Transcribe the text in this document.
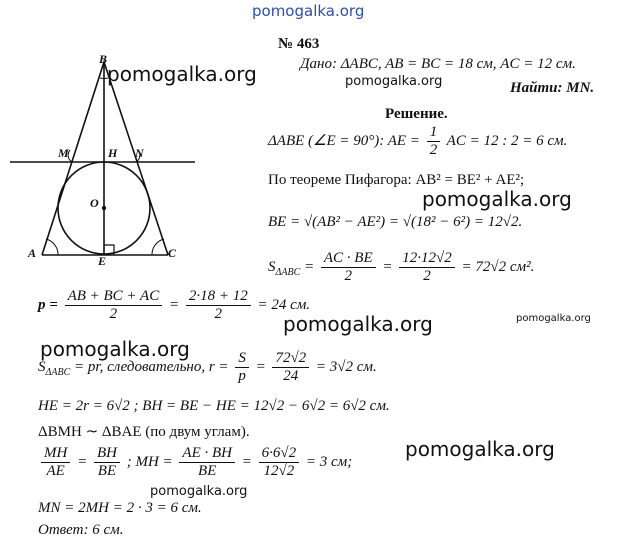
pomogalka.org
B
M	H N
O
A
E
C
pomogalka.org
№ 463
Дано: ΔABC, AB = BC = 18 см, AC = 12 см.
pomogalka.org	Найти: MN.
Решение.
ΔABE (∠E = 90°): AE = $\frac{1}{2}$ AC = 12 : 2 = 6 см.
По теореме Пифагора: AB² = BE² + AE²;
pomogalka.org
BE = √(AB² − AE²) = √(18² − 6²) = 12√2.
$S_{\Delta ABC} = \frac{AC \cdot BE}{2} = \frac{12\cdot 12√2}{2} = 72√2$ см².
$p = \frac{AB + BC + AC}{2} = \frac{2\cdot 18 + 12}{2} = 24$ см.
pomogalka.org	pomogalka.org
pomogalka.org
$S_{\Delta ABC}$ = pr, следовательно, $r = \frac{S}{p} = \frac{72√2}{24} = 3√2$ см.
HE = 2r = 6√2 ; BH = BE − HE = 12√2 − 6√2 = 6√2 см.
ΔBMH ∼ ΔBAE (по двум углам).
pomogalka.org
$\frac{MH}{AE} = \frac{BH}{BE}$ ; MH = $\frac{AE \cdot BH}{BE} = \frac{6\cdot 6√2}{12√2} = 3$ см;
pomogalka.org
MN = 2MH = 2 · 3 = 6 см.
Ответ: 6 см.
